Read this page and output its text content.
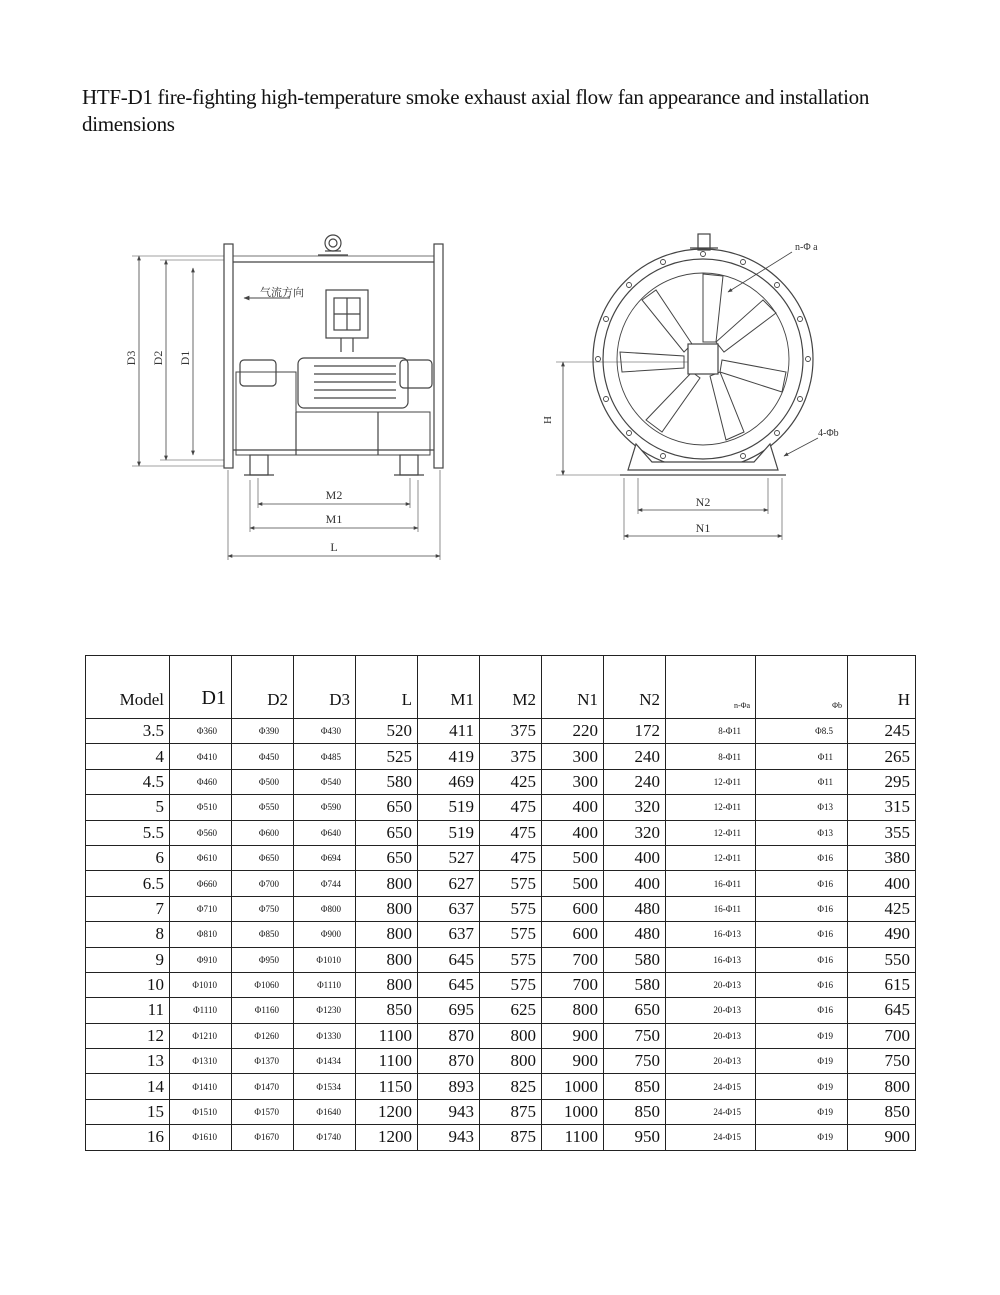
HTF-D1 fire-fighting high-temperature smoke exhaust axial flow fan appearance and installation dimensions
D3 D2 D1
气流方向
M2
M1
L
H
N2
N1
n-Φ a
4-Φb
Model	D1	D2	D3	L	M1	M2	N1	N2	n-Φa	Φb	H
3.5	Φ360	Φ390	Φ430	520	411	375	220	172	8-Φ11	Φ8.5	245
4	Φ410	Φ450	Φ485	525	419	375	300	240	8-Φ11	Φ11	265
4.5	Φ460	Φ500	Φ540	580	469	425	300	240	12-Φ11	Φ11	295
5	Φ510	Φ550	Φ590	650	519	475	400	320	12-Φ11	Φ13	315
5.5	Φ560	Φ600	Φ640	650	519	475	400	320	12-Φ11	Φ13	355
6	Φ610	Φ650	Φ694	650	527	475	500	400	12-Φ11	Φ16	380
6.5	Φ660	Φ700	Φ744	800	627	575	500	400	16-Φ11	Φ16	400
7	Φ710	Φ750	Φ800	800	637	575	600	480	16-Φ11	Φ16	425
8	Φ810	Φ850	Φ900	800	637	575	600	480	16-Φ13	Φ16	490
9	Φ910	Φ950	Φ1010	800	645	575	700	580	16-Φ13	Φ16	550
10	Φ1010	Φ1060	Φ1110	800	645	575	700	580	20-Φ13	Φ16	615
11	Φ1110	Φ1160	Φ1230	850	695	625	800	650	20-Φ13	Φ16	645
12	Φ1210	Φ1260	Φ1330	1100	870	800	900	750	20-Φ13	Φ19	700
13	Φ1310	Φ1370	Φ1434	1100	870	800	900	750	20-Φ13	Φ19	750
14	Φ1410	Φ1470	Φ1534	1150	893	825	1000	850	24-Φ15	Φ19	800
15	Φ1510	Φ1570	Φ1640	1200	943	875	1000	850	24-Φ15	Φ19	850
16	Φ1610	Φ1670	Φ1740	1200	943	875	1100	950	24-Φ15	Φ19	900
